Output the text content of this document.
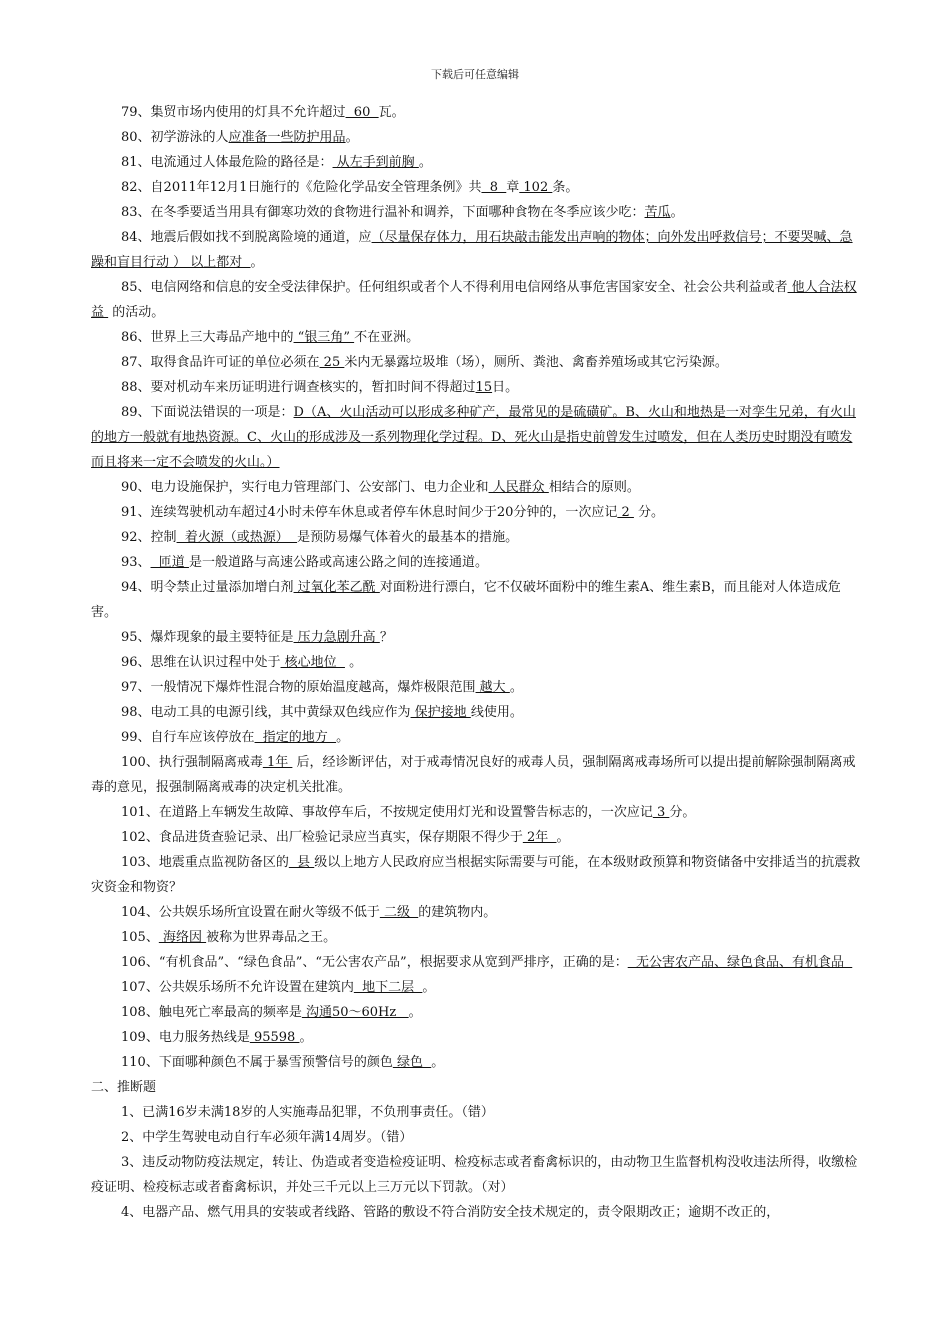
下载后可任意编辑

79、集贸市场内使用的灯具不允许超过  60  瓦。

80、初学游泳的人应准备一些防护用品。

81、电流通过人体最危险的路径是： 从左手到前胸 。

82、自2011年12月1日施行的《危险化学品安全管理条例》共  8  章 102 条。

83、在冬季要适当用具有御寒功效的食物进行温补和调养，下面哪种食物在冬季应该少吃：苦瓜。

84、地震后假如找不到脱离险境的通道，应（尽量保存体力，用石块敲击能发出声响的物体；向外发出呼救信号；不要哭喊、急躁和盲目行动 ） 以上都对  。

85、电信网络和信息的安全受法律保护。任何组织或者个人不得利用电信网络从事危害国家安全、社会公共利益或者 他人合法权益  的活动。

86、世界上三大毒品产地中的 “银三角” 不在亚洲。

87、取得食品许可证的单位必须在 25 米内无暴露垃圾堆（场），厕所、粪池、禽畜养殖场或其它污染源。

88、要对机动车来历证明进行调查核实的，暂扣时间不得超过15日。

89、下面说法错误的一项是：D（A、火山活动可以形成多种矿产，最常见的是硫磺矿。B、火山和地热是一对孪生兄弟，有火山的地方一般就有地热资源。C、火山的形成涉及一系列物理化学过程。D、死火山是指史前曾发生过喷发，但在人类历史时期没有喷发而且将来一定不会喷发的火山。）

90、电力设施保护，实行电力管理部门、公安部门、电力企业和 人民群众 相结合的原则。

91、连续驾驶机动车超过4小时未停车休息或者停车休息时间少于20分钟的，一次应记 2  分。

92、控制  着火源（或热源）  是预防易爆气体着火的最基本的措施。

93、  匝道 是一般道路与高速公路或高速公路之间的连接通道。

94、明令禁止过量添加增白剂 过氧化苯乙酰 对面粉进行漂白，它不仅破坏面粉中的维生素A、维生素B，而且能对人体造成危害。

95、爆炸现象的最主要特征是 压力急剧升高 ？

96、思维在认识过程中处于 核心地位   。

97、一般情况下爆炸性混合物的原始温度越高，爆炸极限范围 越大 。

98、电动工具的电源引线，其中黄绿双色线应作为 保护接地 线使用。

99、自行车应该停放在  指定的地方  。

100、执行强制隔离戒毒 1年  后，经诊断评估，对于戒毒情况良好的戒毒人员，强制隔离戒毒场所可以提出提前解除强制隔离戒毒的意见，报强制隔离戒毒的决定机关批准。

101、在道路上车辆发生故障、事故停车后，不按规定使用灯光和设置警告标志的，一次应记 3 分。

102、食品进货查验记录、出厂检验记录应当真实，保存期限不得少于 2年  。

103、地震重点监视防备区的  县 级以上地方人民政府应当根据实际需要与可能，在本级财政预算和物资储备中安排适当的抗震救灾资金和物资？

104、公共娱乐场所宜设置在耐火等级不低于 二级  的建筑物内。

105、 海络因 被称为世界毒品之王。

106、“有机食品”、“绿色食品”、“无公害农产品”，根据要求从宽到严排序，正确的是：  无公害农产品、绿色食品、有机食品

107、公共娱乐场所不允许设置在建筑内  地下二层  。

108、触电死亡率最高的频率是 沟通50～60Hz   。

109、电力服务热线是 95598 。

110、下面哪种颜色不属于暴雪预警信号的颜色 绿色  。

二、推断题

1、已满16岁未满18岁的人实施毒品犯罪，不负刑事责任。（错）

2、中学生驾驶电动自行车必须年满14周岁。（错）

3、违反动物防疫法规定，转让、伪造或者变造检疫证明、检疫标志或者畜禽标识的，由动物卫生监督机构没收违法所得，收缴检疫证明、检疫标志或者畜禽标识，并处三千元以上三万元以下罚款。（对）

4、电器产品、燃气用具的安装或者线路、管路的敷设不符合消防安全技术规定的，责令限期改正；逾期不改正的，
